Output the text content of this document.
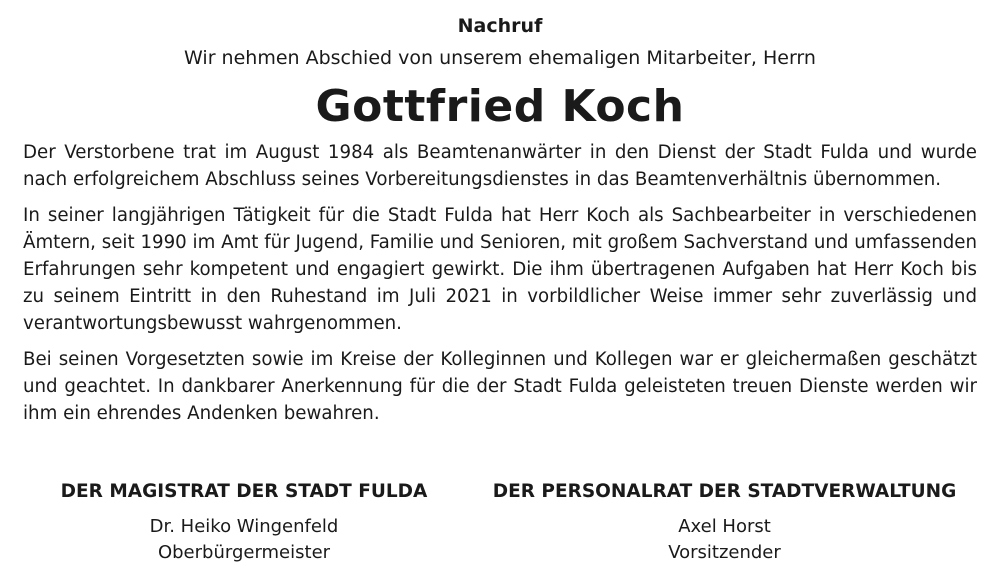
Nachruf
Wir nehmen Abschied von unserem ehemaligen Mitarbeiter, Herrn
Gottfried Koch

Der Verstorbene trat im August 1984 als Beamtenanwärter in den Dienst der Stadt Fulda und wurde nach erfolgreichem Abschluss seines Vorbereitungsdienstes in das Beamtenverhältnis übernommen.

In seiner langjährigen Tätigkeit für die Stadt Fulda hat Herr Koch als Sachbearbeiter in verschiedenen Ämtern, seit 1990 im Amt für Jugend, Familie und Senioren, mit großem Sachverstand und umfassenden Erfahrungen sehr kompetent und engagiert gewirkt. Die ihm übertragenen Aufgaben hat Herr Koch bis zu seinem Eintritt in den Ruhestand im Juli 2021 in vorbildlicher Weise immer sehr zuverlässig und verantwortungsbewusst wahrgenommen.

Bei seinen Vorgesetzten sowie im Kreise der Kolleginnen und Kollegen war er gleichermaßen geschätzt und geachtet. In dankbarer Anerkennung für die der Stadt Fulda geleisteten treuen Dienste werden wir ihm ein ehrendes Andenken bewahren.

DER MAGISTRAT DER STADT FULDA
Dr. Heiko Wingenfeld
Oberbürgermeister
DER PERSONALRAT DER STADTVERWALTUNG
Axel Horst
Vorsitzender
